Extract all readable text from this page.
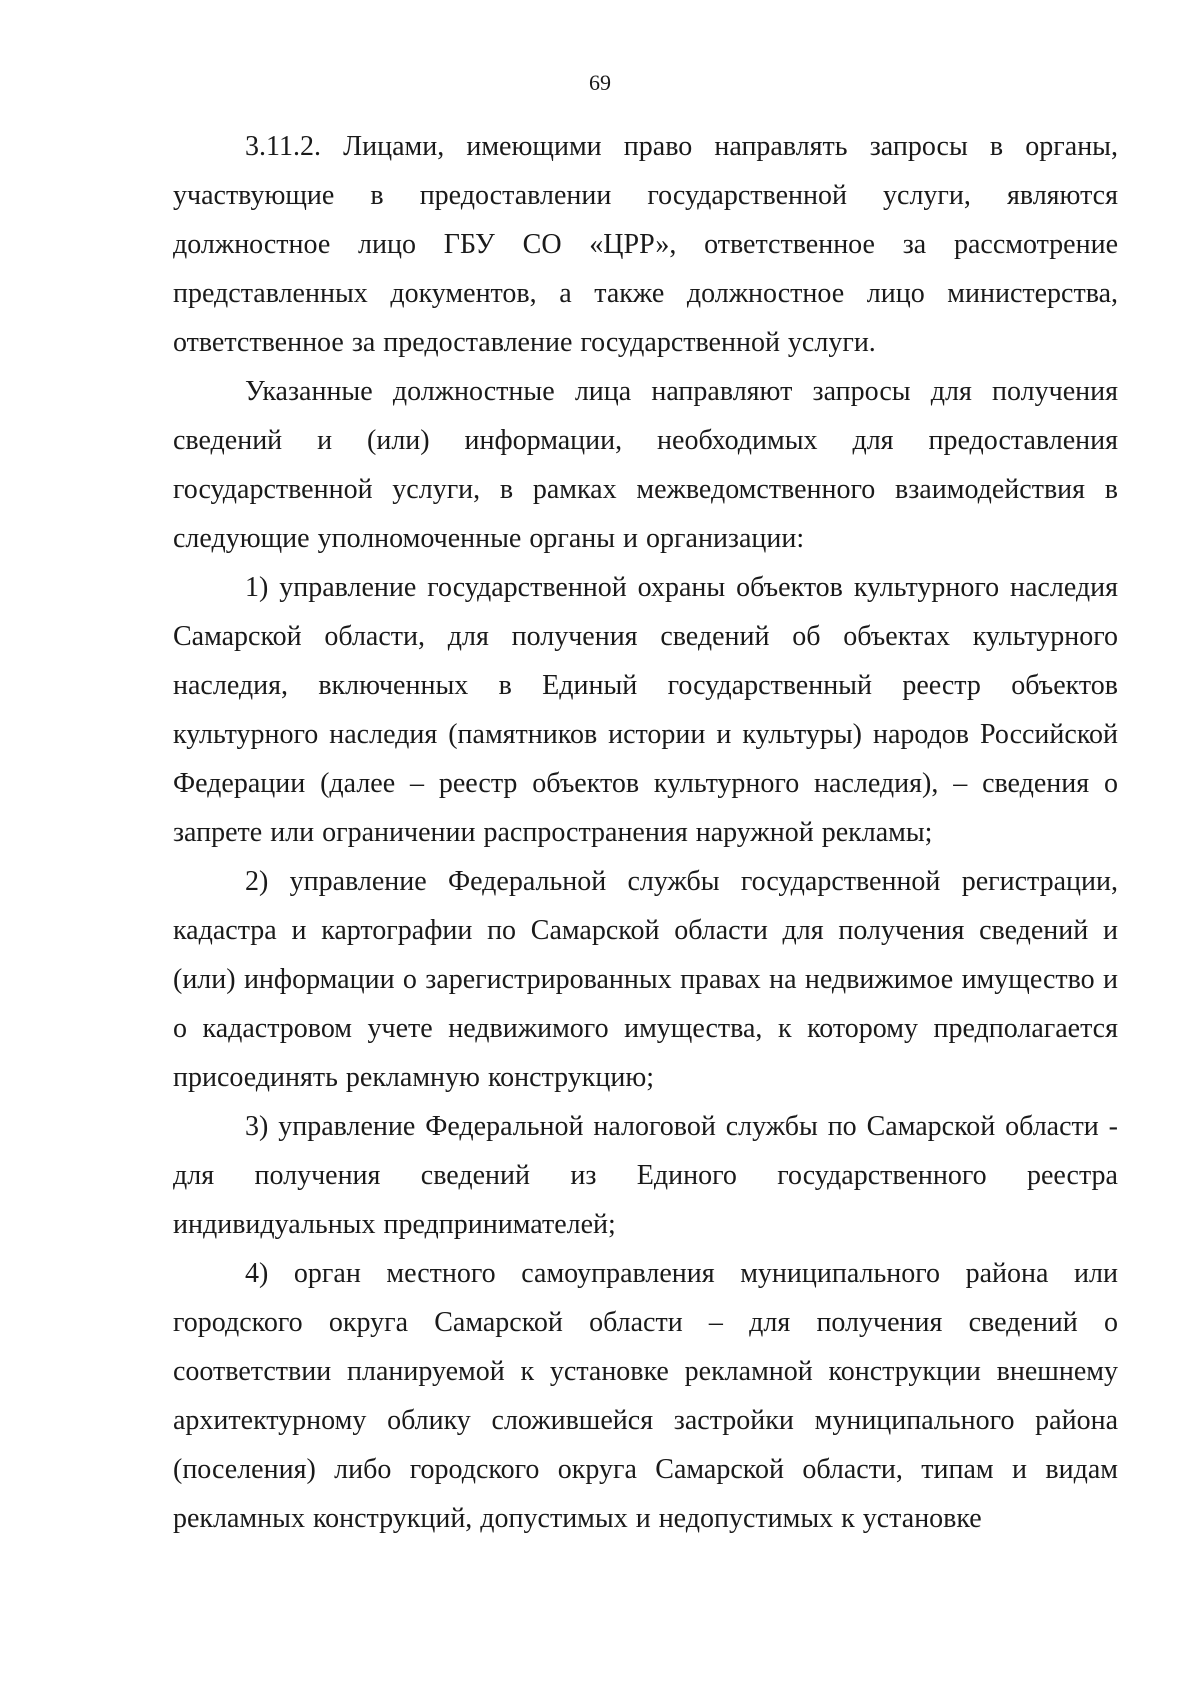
69

3.11.2. Лицами, имеющими право направлять запросы в органы, участвующие в предоставлении государственной услуги, являются должностное лицо ГБУ СО «ЦРР», ответственное за рассмотрение представленных документов, а также должностное лицо министерства, ответственное за предоставление государственной услуги.

Указанные должностные лица направляют запросы для получения сведений и (или) информации, необходимых для предоставления государственной услуги, в рамках межведомственного взаимодействия в следующие уполномоченные органы и организации:

1) управление государственной охраны объектов культурного наследия Самарской области, для получения сведений об объектах культурного наследия, включенных в Единый государственный реестр объектов культурного наследия (памятников истории и культуры) народов Российской Федерации (далее – реестр объектов культурного наследия), – сведения о запрете или ограничении распространения наружной рекламы;

2) управление Федеральной службы государственной регистрации, кадастра и картографии по Самарской области для получения сведений и (или) информации о зарегистрированных правах на недвижимое имущество и о кадастровом учете недвижимого имущества, к которому предполагается присоединять рекламную конструкцию;

3) управление Федеральной налоговой службы по Самарской области - для получения сведений из Единого государственного реестра индивидуальных предпринимателей;

4) орган местного самоуправления муниципального района или городского округа Самарской области – для получения сведений о соответствии планируемой к установке рекламной конструкции внешнему архитектурному облику сложившейся застройки муниципального района (поселения) либо городского округа Самарской области, типам и видам рекламных конструкций, допустимых и недопустимых к установке
